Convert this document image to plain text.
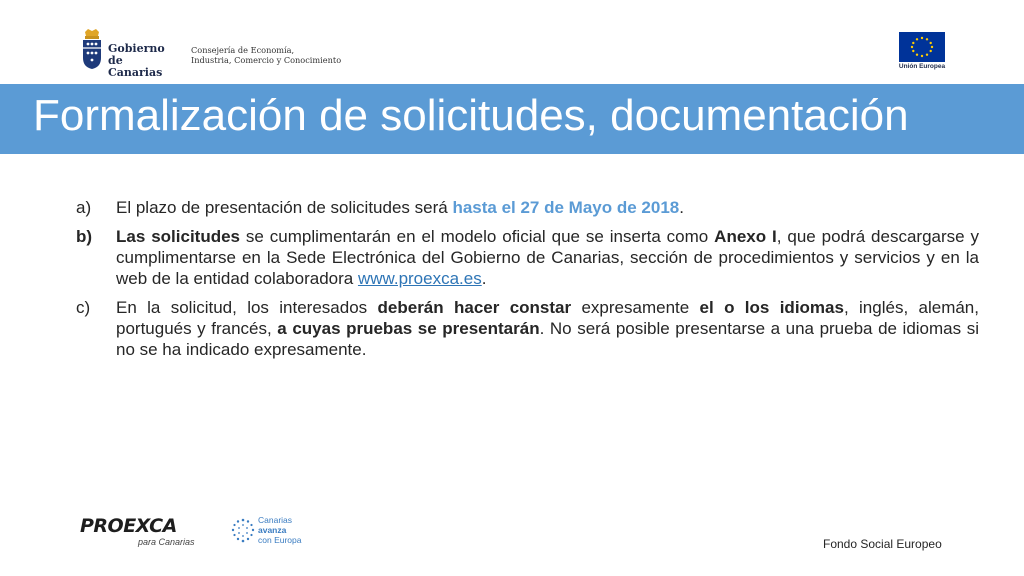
Gobierno
de Canarias
Consejería de Economía,
Industria, Comercio y Conocimiento
Unión Europea
Formalización de solicitudes, documentación
a) El plazo de presentación de solicitudes será hasta el 27 de Mayo de 2018.
b) Las solicitudes se cumplimentarán en el modelo oficial que se inserta como Anexo I, que podrá descargarse y cumplimentarse en la Sede Electrónica del Gobierno de Canarias, sección de procedimientos y servicios y en la web de la entidad colaboradora www.proexca.es.
c) En la solicitud, los interesados deberán hacer constar expresamente el o los idiomas, inglés, alemán, portugués y francés, a cuyas pruebas se presentarán. No será posible presentarse a una prueba de idiomas si no se ha indicado expresamente.
PROEXCA
para Canarias
Canarias
avanza
con Europa	Fondo Social Europeo
